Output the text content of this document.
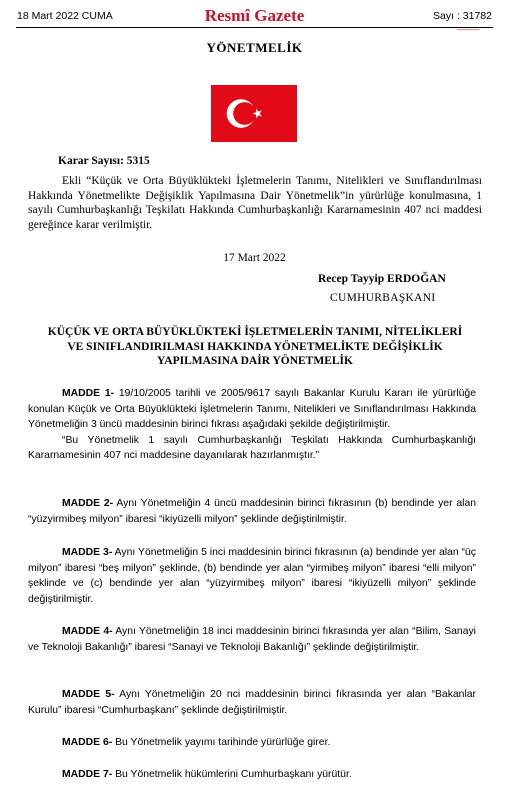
18 Mart 2022 CUMA	Resmî Gazete	Sayı : 31782
YÖNETMELİK
Karar Sayısı: 5315
Ekli “Küçük ve Orta Büyüklükteki İşletmelerin Tanımı, Nitelikleri ve Sınıflandırılması Hakkında Yönetmelikte Değişiklik Yapılmasına Dair Yönetmelik”in yürürlüğe konulmasına, 1 sayılı Cumhurbaşkanlığı Teşkilatı Hakkında Cumhurbaşkanlığı Kararnamesinin 407 nci maddesi gereğince karar verilmiştir.
17 Mart 2022
Recep Tayyip ERDOĞAN
CUMHURBAŞKANI
KÜÇÜK VE ORTA BÜYÜKLÜKTEKİ İŞLETMELERİN TANIMI, NİTELİKLERİ VE SINIFLANDIRILMASI HAKKINDA YÖNETMELİKTE DEĞİŞİKLİK YAPILMASINA DAİR YÖNETMELİK

MADDE 1- 19/10/2005 tarihli ve 2005/9617 sayılı Bakanlar Kurulu Kararı ile yürürlüğe konulan Küçük ve Orta Büyüklükteki İşletmelerin Tanımı, Nitelikleri ve Sınıflandırılması Hakkında Yönetmeliğin 3 üncü maddesinin birinci fıkrası aşağıdaki şekilde değiştirilmiştir.

“Bu Yönetmelik 1 sayılı Cumhurbaşkanlığı Teşkilatı Hakkında Cumhurbaşkanlığı Kararnamesinin 407 nci maddesine dayanılarak hazırlanmıştır.”

MADDE 2- Aynı Yönetmeliğin 4 üncü maddesinin birinci fıkrasının (b) bendinde yer alan “yüzyirmibeş milyon” ibaresi “ikiyüzelli milyon” şeklinde değiştirilmiştir.

MADDE 3- Aynı Yönetmeliğin 5 inci maddesinin birinci fıkrasının (a) bendinde yer alan “üç milyon” ibaresi “beş milyon” şeklinde, (b) bendinde yer alan “yirmibeş milyon” ibaresi “elli milyon” şeklinde ve (c) bendinde yer alan “yüzyirmibeş milyon” ibaresi “ikiyüzelli milyon” şeklinde değiştirilmiştir.

MADDE 4- Aynı Yönetmeliğin 18 inci maddesinin birinci fıkrasında yer alan “Bilim, Sanayi ve Teknoloji Bakanlığı” ibaresi “Sanayi ve Teknoloji Bakanlığı” şeklinde değiştirilmiştir.

MADDE 5- Aynı Yönetmeliğin 20 nci maddesinin birinci fıkrasında yer alan “Bakanlar Kurulu” ibaresi “Cumhurbaşkanı” şeklinde değiştirilmiştir.

MADDE 6- Bu Yönetmelik yayımı tarihinde yürürlüğe girer.

MADDE 7- Bu Yönetmelik hükümlerini Cumhurbaşkanı yürütür.
